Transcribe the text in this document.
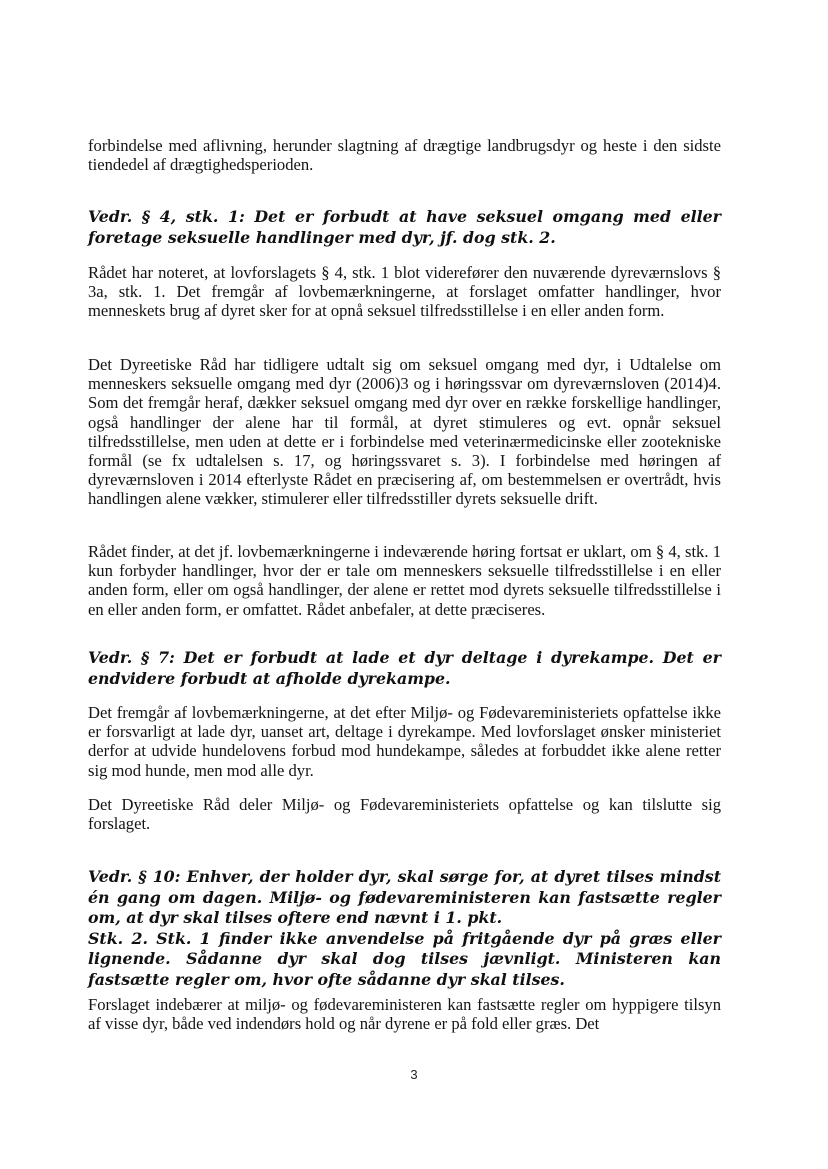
forbindelse med aflivning, herunder slagtning af drægtige landbrugsdyr og heste i den sidste tiendedel af drægtighedsperioden.

Vedr. § 4, stk. 1: Det er forbudt at have seksuel omgang med eller foretage seksuelle handlinger med dyr, jf. dog stk. 2.

Rådet har noteret, at lovforslagets § 4, stk. 1 blot viderefører den nuværende dyreværnslovs § 3a, stk. 1. Det fremgår af lovbemærkningerne, at forslaget omfatter handlinger, hvor menneskets brug af dyret sker for at opnå seksuel tilfredsstillelse i en eller anden form.

Det Dyreetiske Råd har tidligere udtalt sig om seksuel omgang med dyr, i Udtalelse om menneskers seksuelle omgang med dyr (2006)3 og i høringssvar om dyreværnsloven (2014)4. Som det fremgår heraf, dækker seksuel omgang med dyr over en række forskellige handlinger, også handlinger der alene har til formål, at dyret stimuleres og evt. opnår seksuel tilfredsstillelse, men uden at dette er i forbindelse med veterinærmedicinske eller zootekniske formål (se fx udtalelsen s. 17, og høringssvaret s. 3). I forbindelse med høringen af dyreværnsloven i 2014 efterlyste Rådet en præcisering af, om bestemmelsen er overtrådt, hvis handlingen alene vækker, stimulerer eller tilfredsstiller dyrets seksuelle drift.

Rådet finder, at det jf. lovbemærkningerne i indeværende høring fortsat er uklart, om § 4, stk. 1 kun forbyder handlinger, hvor der er tale om menneskers seksuelle tilfredsstillelse i en eller anden form, eller om også handlinger, der alene er rettet mod dyrets seksuelle tilfredsstillelse i en eller anden form, er omfattet. Rådet anbefaler, at dette præciseres.

Vedr. § 7: Det er forbudt at lade et dyr deltage i dyrekampe. Det er endvidere forbudt at afholde dyrekampe.

Det fremgår af lovbemærkningerne, at det efter Miljø- og Fødevareministeriets opfattelse ikke er forsvarligt at lade dyr, uanset art, deltage i dyrekampe. Med lovforslaget ønsker ministeriet derfor at udvide hundelovens forbud mod hundekampe, således at forbuddet ikke alene retter sig mod hunde, men mod alle dyr.

Det Dyreetiske Råd deler Miljø- og Fødevareministeriets opfattelse og kan tilslutte sig forslaget.

Vedr. § 10: Enhver, der holder dyr, skal sørge for, at dyret tilses mindst én gang om dagen. Miljø- og fødevareministeren kan fastsætte regler om, at dyr skal tilses oftere end nævnt i 1. pkt.

Stk. 2. Stk. 1 finder ikke anvendelse på fritgående dyr på græs eller lignende. Sådanne dyr skal dog tilses jævnligt. Ministeren kan fastsætte regler om, hvor ofte sådanne dyr skal tilses.

Forslaget indebærer at miljø- og fødevareministeren kan fastsætte regler om hyppigere tilsyn af visse dyr, både ved indendørs hold og når dyrene er på fold eller græs. Det

3
